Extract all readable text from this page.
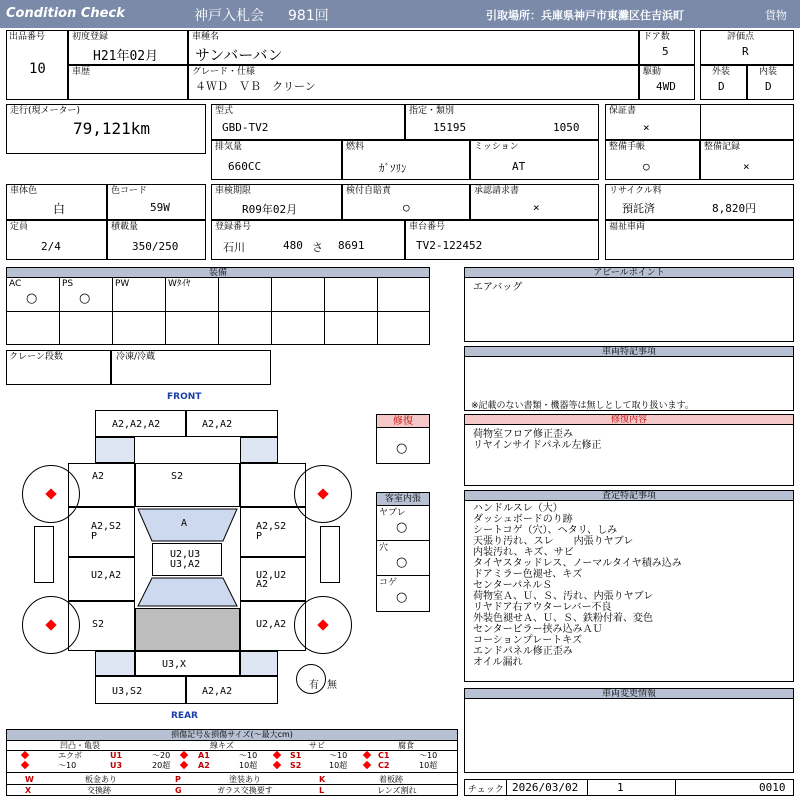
Condition Check	神戸入札会 981回	引取場所：兵庫県神戸市東灘区住吉浜町	貨物
出品番号
10
初度登録
H21年02月
車歴
車種名
サンバーバン
グレード・仕様
４ＷＤ　ＶＢ　クリーン
ドア数
5
駆動
4WD
評価点
R
外装
D
内装
D
走行(現メーター)
79,121km
型式
GBD-TV2
指定・類別
15195	1050
保証書
×
排気量
660CC
燃料
ｶﾞｿﾘﾝ
ミッション
AT
整備手帳
○
整備記録
×
車体色
白
色コード
59W
車検期限
R09年02月
検付自賠責
○
承認請求書
×
リサイクル料
預託済	8,820円
定員
2/4
積載量
350/250
登録番号
石川	480 さ 8691
車台番号
TV2-122452
福祉車両
装備
AC
○
PS
○
PW	Wﾀｲﾔ
クレーン段数	冷凍/冷蔵
FRONT
REAR
A2,A2,A2	A2,A2
A2	S2
A2,S2
P
A2,S2
P
A
U2,U3
U3,A2
U2,A2	U2,U2
A2
S2	U2,A2
U3,X
U3,S2	A2,A2
有 無
修復
○
客室内張
ヤブレ
○
穴
○
コゲ
○
アピールポイント
エアバッグ
車両特記事項
※記載のない書類・機器等は無しとして取り扱います。
修復内容
荷物室フロア修正歪み
リヤインサイドパネル左修正
査定特記事項
ハンドルスレ（大）
ダッシュボードのり跡
シートコゲ（穴）、ヘタリ、しみ
天張り汚れ、スレ　　内張りヤブレ
内装汚れ、キズ、サビ
タイヤスタッドレス、ノーマルタイヤ積み込み
ドアミラー色褪せ、キズ
センターパネルＳ
荷物室Ａ、Ｕ、Ｓ、汚れ、内張りヤブレ
リヤドア右アウターレバー不良
外装色褪せＡ、Ｕ、Ｓ、鉄粉付着、変色
センターピラー挟み込みＡＵ
コーションプレートキズ
エンドパネル修正歪み
オイル漏れ
車両変更情報
チェック 2026/03/02	1	0010
損傷記号＆損傷サイズ(〜最大cm)
凹凸・亀裂	線キズ	サビ	腐食
エクボ	U1	〜20
〜10	U3	20超
A1	〜10
A2	10超
S1	〜10
S2	10超
C1	〜10
C2	10超
W	板金あり	P	塗装あり	K	着板跡
X	交換跡	G	ガラス交換要す	L	レンズ割れ
